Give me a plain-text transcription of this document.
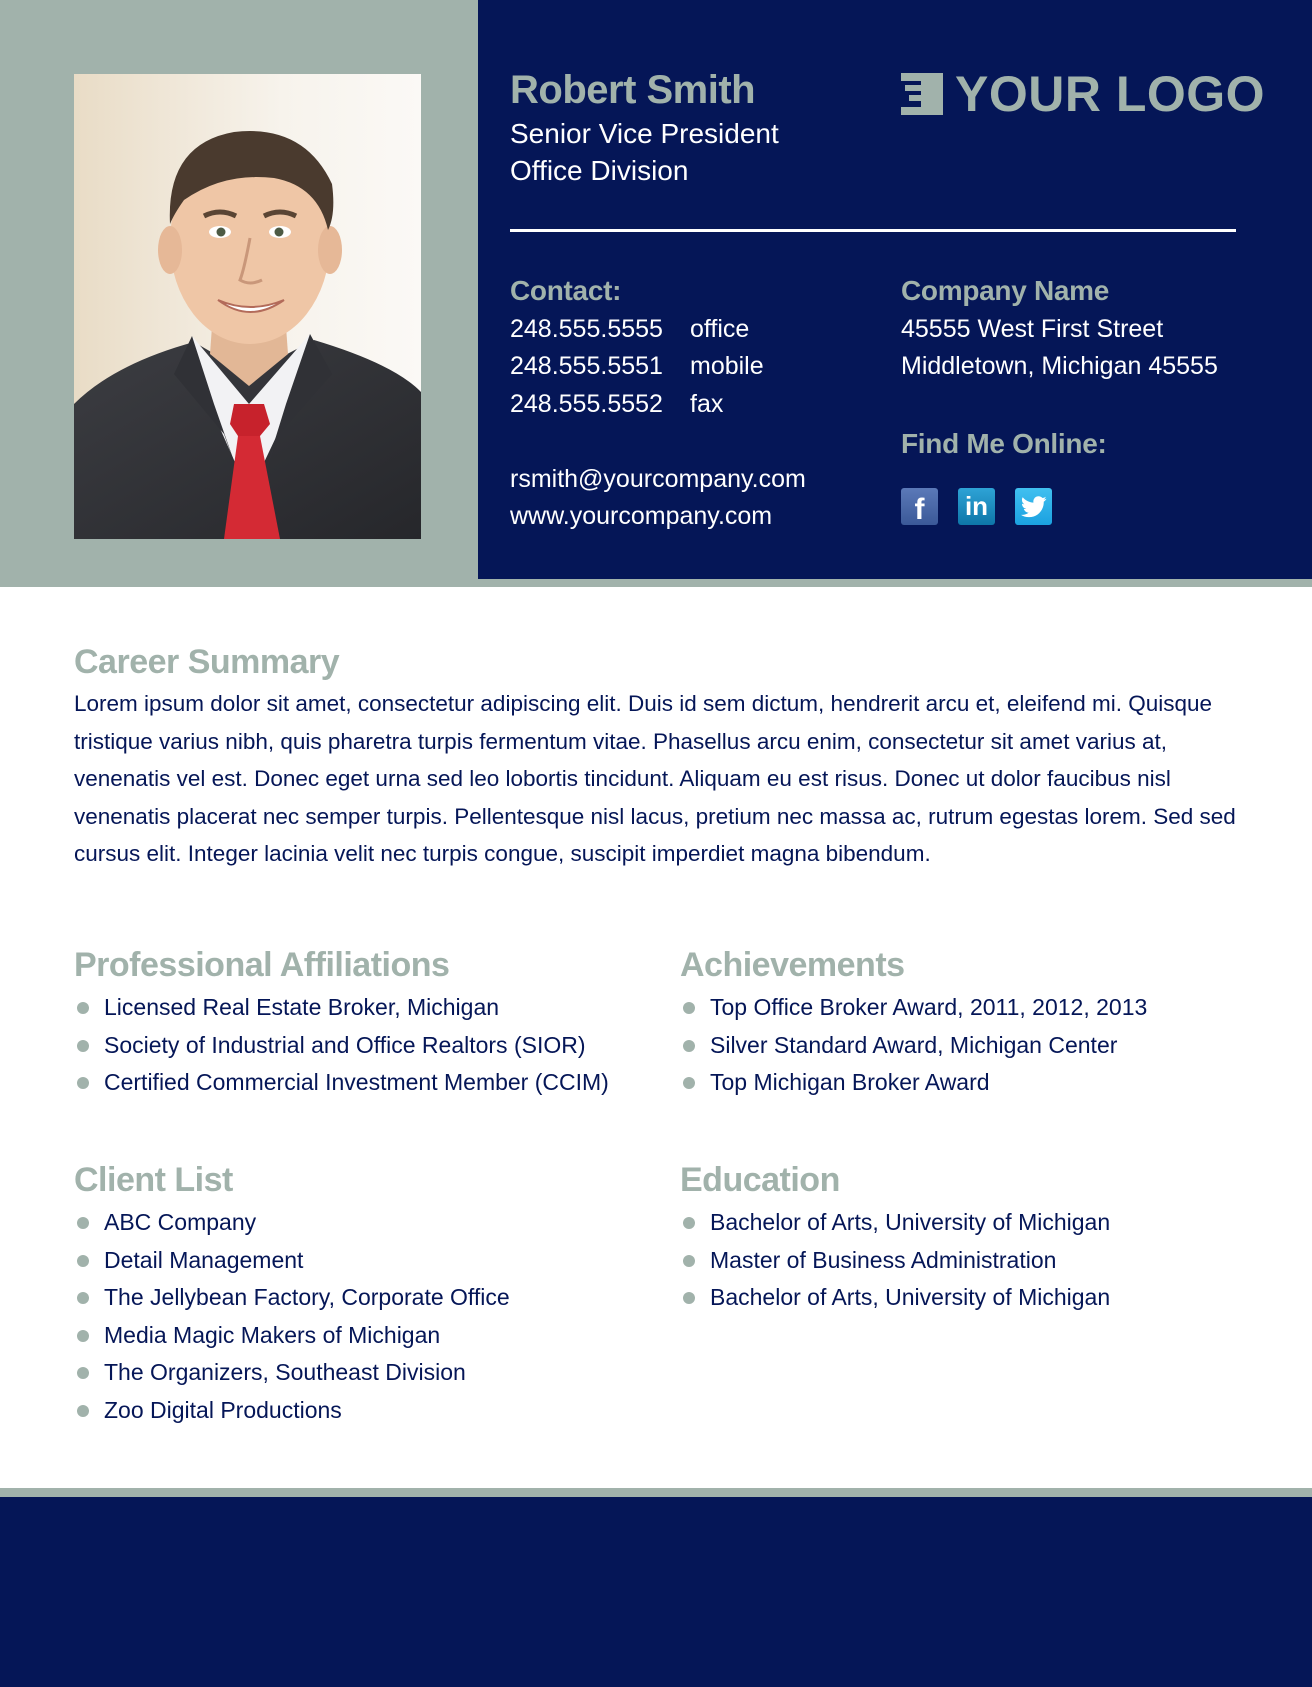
Robert Smith
Senior Vice President
Office Division
YOUR LOGO
Contact:
248.555.5555	office
248.555.5551	mobile
248.555.5552	fax
rsmith@yourcompany.com
www.yourcompany.com
Company Name
45555 West First Street
Middletown, Michigan 45555
Find Me Online:
f	in
Career Summary

Lorem ipsum dolor sit amet, consectetur adipiscing elit. Duis id sem dictum, hendrerit arcu et, eleifend mi. Quisque tristique varius nibh, quis pharetra turpis fermentum vitae. Phasellus arcu enim, consectetur sit amet varius at, venenatis vel est. Donec eget urna sed leo lobortis tincidunt. Aliquam eu est risus. Donec ut dolor faucibus nisl venenatis placerat nec semper turpis. Pellentesque nisl lacus, pretium nec massa ac, rutrum egestas lorem. Sed sed cursus elit. Integer lacinia velit nec turpis congue, suscipit imperdiet magna bibendum.

Professional Affiliations
Licensed Real Estate Broker, Michigan
Society of Industrial and Office Realtors (SIOR)
Certified Commercial Investment Member (CCIM)
Achievements
Top Office Broker Award, 2011, 2012, 2013
Silver Standard Award, Michigan Center
Top Michigan Broker Award
Client List
ABC Company
Detail Management
The Jellybean Factory, Corporate Office
Media Magic Makers of Michigan
The Organizers, Southeast Division
Zoo Digital Productions
Education
Bachelor of Arts, University of Michigan
Master of Business Administration
Bachelor of Arts, University of Michigan
